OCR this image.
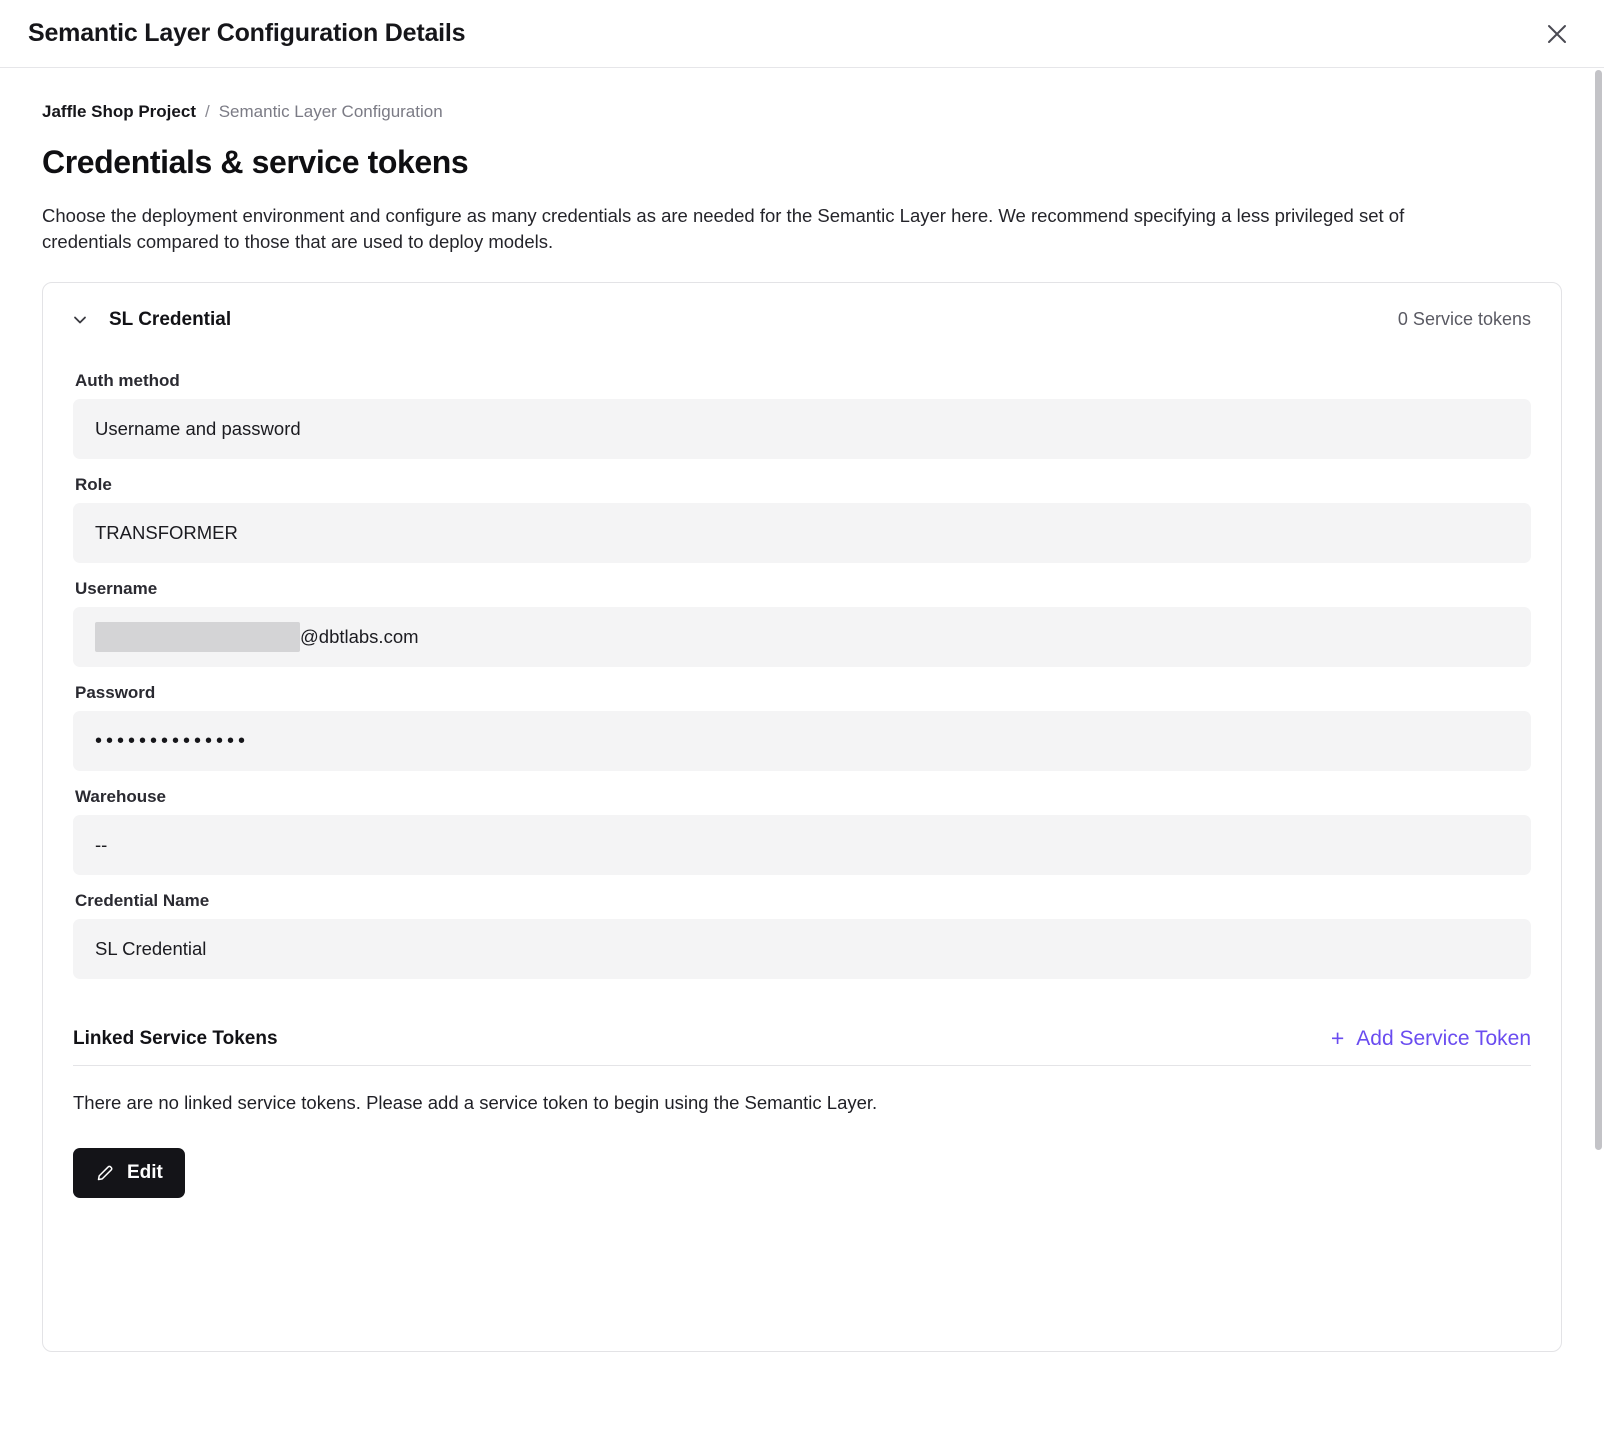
Semantic Layer Configuration Details
Jaffle Shop Project / Semantic Layer Configuration
Credentials & service tokens

Choose the deployment environment and configure as many credentials as are needed for the Semantic Layer here. We recommend specifying a less privileged set of credentials compared to those that are used to deploy models.

SL Credential	0 Service tokens
Auth method
Username and password
Role
TRANSFORMER
Username
@dbtlabs.com
Password
••••••••••••••
Warehouse
--
Credential Name
SL Credential
Linked Service Tokens	+ Add Service Token
There are no linked service tokens. Please add a service token to begin using the Semantic Layer.
Edit
